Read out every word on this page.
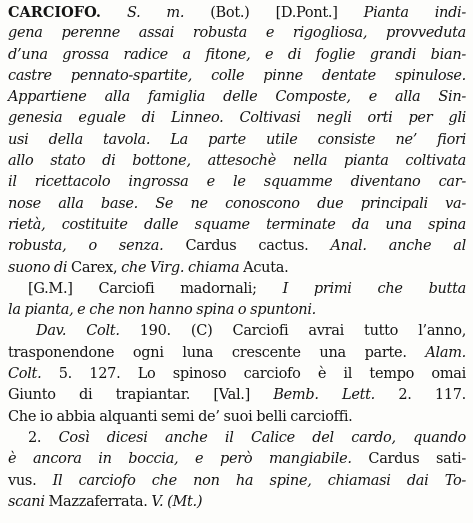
CARCIOFO. S. m. (Bot.) [D.Pont.] Pianta indi-
gena perenne assai robusta e rigogliosa, provveduta
d’una grossa radice a fitone, e di foglie grandi bian-
castre pennato-spartite, colle pinne dentate spinulose.
Appartiene alla famiglia delle Composte, e alla Sin-
genesia eguale di Linneo. Coltivasi negli orti per gli
usi della tavola. La parte utile consiste ne’ fiori
allo stato di bottone, attesochè nella pianta coltivata
il ricettacolo ingrossa e le squamme diventano car-
nose alla base. Se ne conoscono due principali va-
rietà, costituite dalle squame terminate da una spina
robusta, o senza. Cardus cactus. Anal. anche al
suono di Carex, che Virg. chiama Acuta.
[G.M.] Carciofi madornali; I primi che butta
la pianta, e che non hanno spina o spuntoni.
Dav. Colt. 190. (C) Carciofi avrai tutto l’anno,
trasponendone ogni luna crescente una parte. Alam.
Colt. 5. 127. Lo spinoso carciofo è il tempo omai
Giunto di trapiantar. [Val.] Bemb. Lett. 2. 117.
Che io abbia alquanti semi de’ suoi belli carcioffi.
2. Così dicesi anche il Calice del cardo, quando
è ancora in boccia, e però mangiabile. Cardus sati-
vus. Il carciofo che non ha spine, chiamasi dai To-
scani Mazzaferrata. V. (Mt.)
